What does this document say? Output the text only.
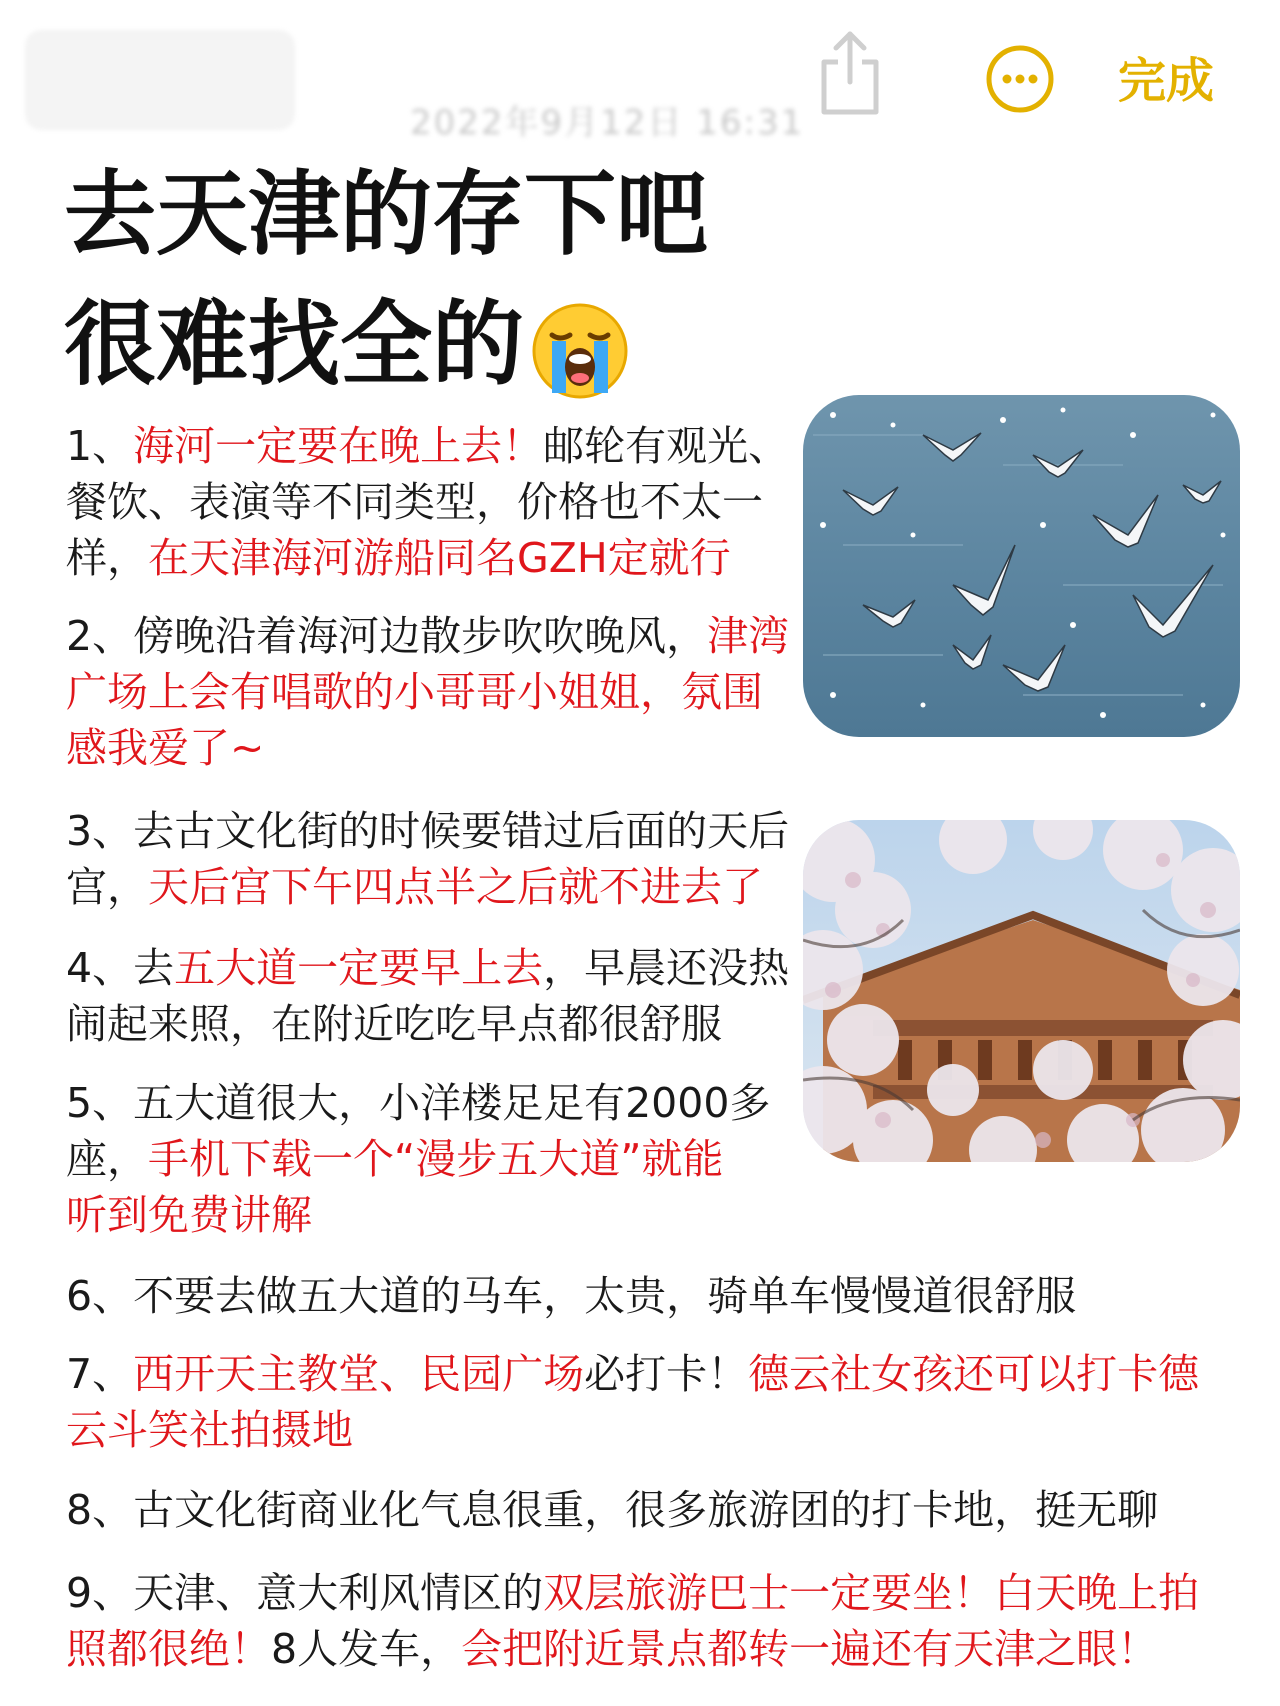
2022年9月12日 16:31
完成
去天津的存下吧
很难找全的
1、海河一定要在晚上去！邮轮有观光、
餐饮、表演等不同类型，价格也不太一
样，在天津海河游船同名GZH定就行
2、傍晚沿着海河边散步吹吹晚风，津湾
广场上会有唱歌的小哥哥小姐姐，氛围
感我爱了~
3、去古文化街的时候要错过后面的天后
宫，天后宫下午四点半之后就不进去了
4、去五大道一定要早上去，早晨还没热
闹起来照，在附近吃吃早点都很舒服
5、五大道很大，小洋楼足足有2000多
座，手机下载一个“漫步五大道”就能
听到免费讲解
6、不要去做五大道的马车，太贵，骑单车慢慢道很舒服
7、西开天主教堂、民园广场必打卡！德云社女孩还可以打卡德
云斗笑社拍摄地
8、古文化街商业化气息很重，很多旅游团的打卡地，挺无聊
9、天津、意大利风情区的双层旅游巴士一定要坐！白天晚上拍
照都很绝！8人发车，会把附近景点都转一遍还有天津之眼！
